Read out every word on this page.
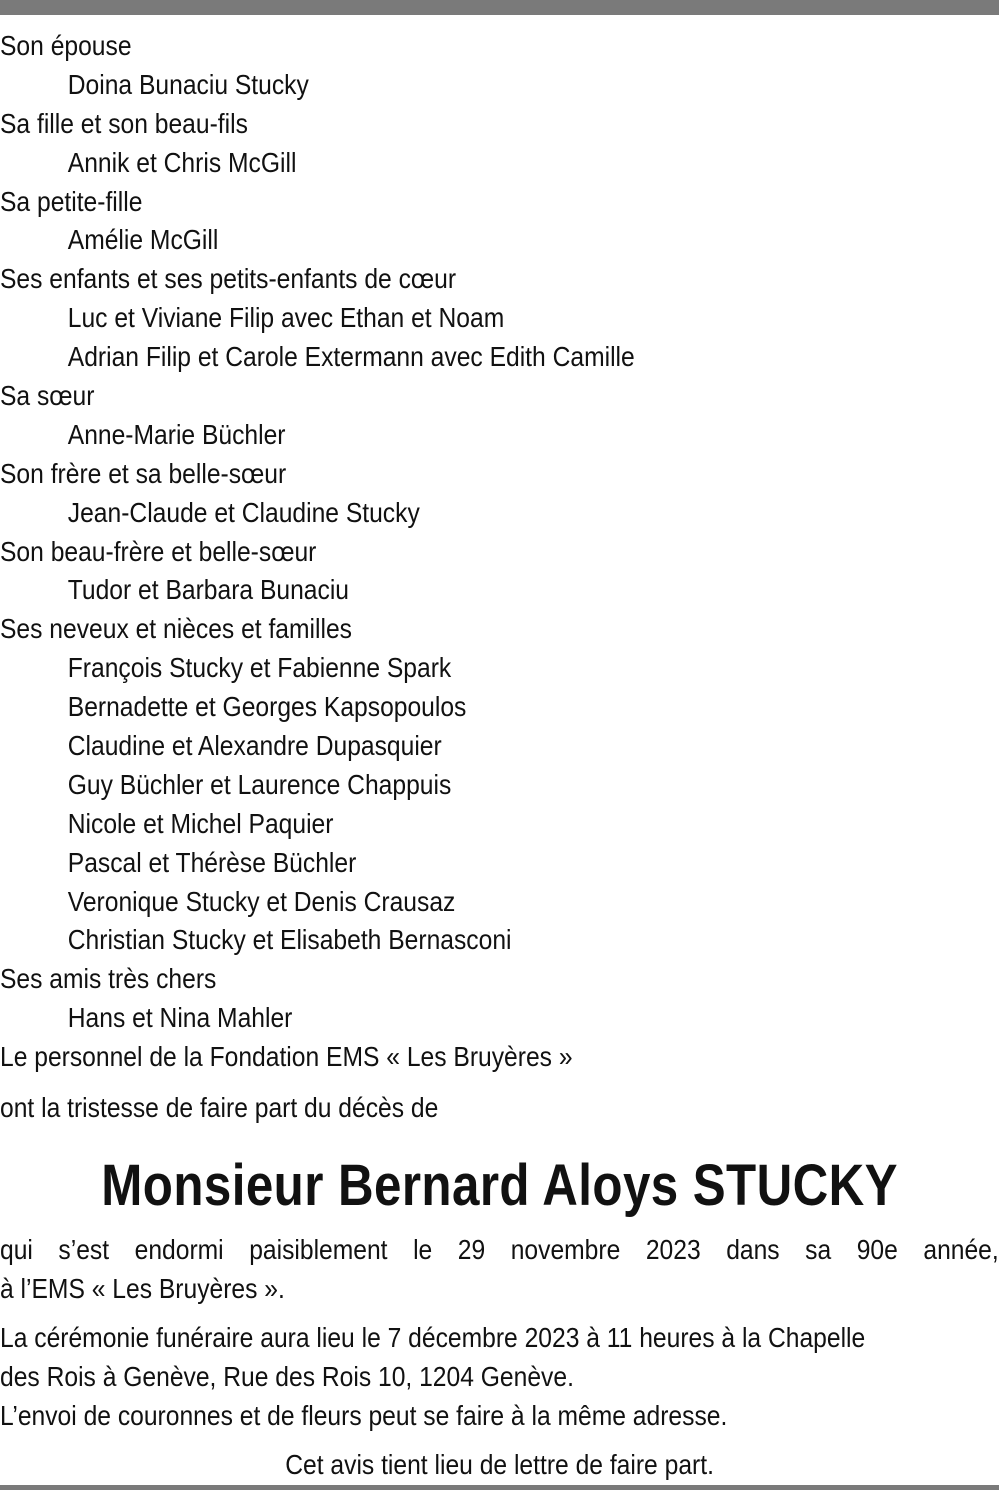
Son épouse
Doina Bunaciu Stucky
Sa fille et son beau-fils
Annik et Chris McGill
Sa petite-fille
Amélie McGill
Ses enfants et ses petits-enfants de cœur
Luc et Viviane Filip avec Ethan et Noam
Adrian Filip et Carole Extermann avec Edith Camille
Sa sœur
Anne-Marie Büchler
Son frère et sa belle-sœur
Jean-Claude et Claudine Stucky
Son beau-frère et belle-sœur
Tudor et Barbara Bunaciu
Ses neveux et nièces et familles
François Stucky et Fabienne Spark
Bernadette et Georges Kapsopoulos
Claudine et Alexandre Dupasquier
Guy Büchler et Laurence Chappuis
Nicole et Michel Paquier
Pascal et Thérèse Büchler
Veronique Stucky et Denis Crausaz
Christian Stucky et Elisabeth Bernasconi
Ses amis très chers
Hans et Nina Mahler
Le personnel de la Fondation EMS « Les Bruyères »
ont la tristesse de faire part du décès de
Monsieur Bernard Aloys STUCKY
qui s’est endormi paisiblement le 29 novembre 2023 dans sa 90e année,
à l’EMS « Les Bruyères ».
La cérémonie funéraire aura lieu le 7 décembre 2023 à 11 heures à la Chapelle
des Rois à Genève, Rue des Rois 10, 1204 Genève.
L’envoi de couronnes et de fleurs peut se faire à la même adresse.
Cet avis tient lieu de lettre de faire part.
